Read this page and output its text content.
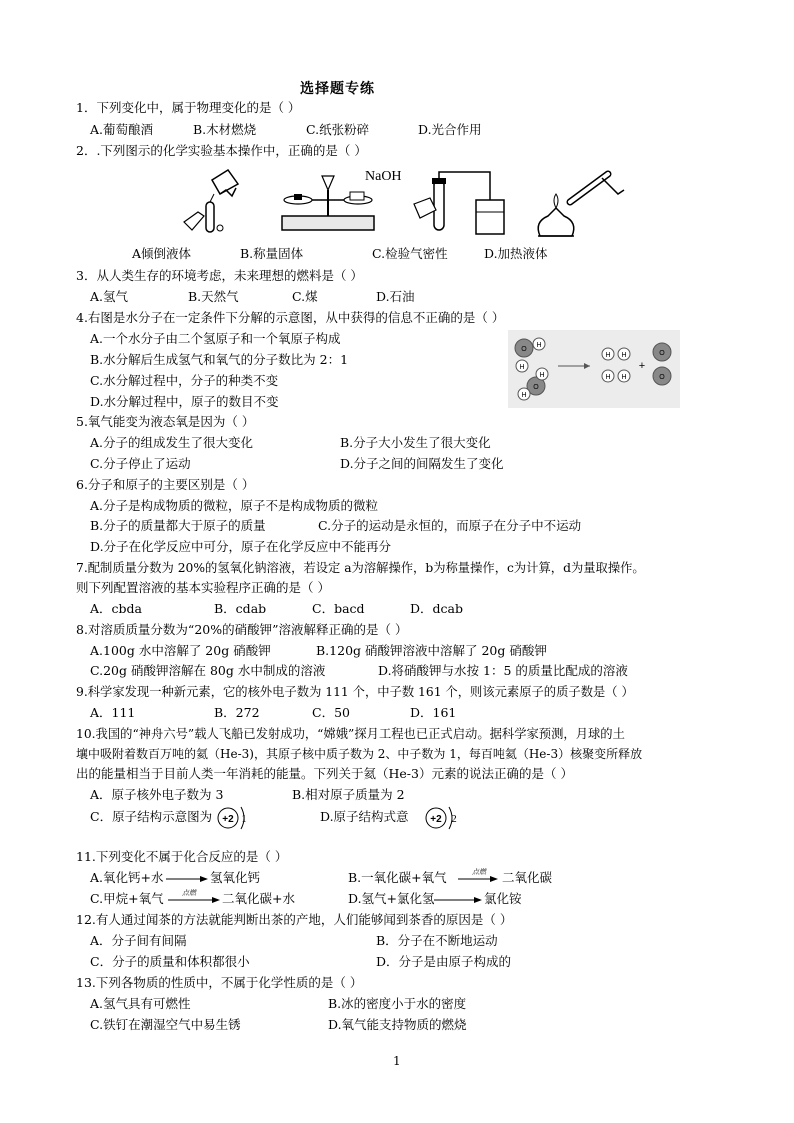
选择题专练
1．下列变化中，属于物理变化的是（ ）
A.葡萄酿酒	B.木材燃烧	C.纸张粉碎	D.光合作用
2．.下列图示的化学实验基本操作中，正确的是（ ）
NaOH
A倾倒液体	B.称量固体	C.检验气密性	D.加热液体
3．从人类生存的环境考虑，未来理想的燃料是（ ）
A.氢气	B.天然气	C.煤	D.石油
4.右图是水分子在一定条件下分解的示意图，从中获得的信息不正确的是（ ）
A.一个水分子由二个氢原子和一个氧原子构成
B.水分解后生成氢气和氧气的分子数比为 2：1
C.水分解过程中，分子的种类不变
D.水分解过程中，原子的数目不变
O
H
H
O
H
H
H H
H H
O
O
+
5.氧气能变为液态氧是因为（ ）
A.分子的组成发生了很大变化	B.分子大小发生了很大变化
C.分子停止了运动	D.分子之间的间隔发生了变化
6.分子和原子的主要区别是（ ）
A.分子是构成物质的微粒，原子不是构成物质的微粒
B.分子的质量都大于原子的质量	C.分子的运动是永恒的，而原子在分子中不运动
D.分子在化学反应中可分，原子在化学反应中不能再分
7.配制质量分数为 20%的氢氧化钠溶液，若设定 a为溶解操作，b为称量操作，c为计算，d为量取操作。
则下列配置溶液的基本实验程序正确的是（ ）
A．cbda	B．cdab	C．bacd	D．dcab
8.对溶质质量分数为“20%的硝酸钾”溶液解释正确的是（ ）
A.100g 水中溶解了 20g 硝酸钾	B.120g 硝酸钾溶液中溶解了 20g 硝酸钾
C.20g 硝酸钾溶解在 80g 水中制成的溶液	D.将硝酸钾与水按 1：5 的质量比配成的溶液
9.科学家发现一种新元素，它的核外电子数为 111 个，中子数 161 个，则该元素原子的质子数是（ ）
A．111	B．272	C．50	D．161
10.我国的“神舟六号”载人飞船已发射成功，“嫦娥”探月工程也已正式启动。据科学家预测，月球的土
壤中吸附着数百万吨的氦（He-3)，其原子核中质子数为 2、中子数为 1，每百吨氦（He-3）核聚变所释放
出的能量相当于目前人类一年消耗的能量。下列关于氦（He-3）元素的说法正确的是（ ）
A．原子核外电子数为 3	B.相对原子质量为 2
C．原子结构示意图为 +2 1	D.原子结构式意 +2 2
11.下列变化不属于化合反应的是（ ）
A.氧化钙+水 → 氢氧化钙	B.一氧化碳+氧气	点燃 → 二氧化碳
C.甲烷+氧气	点燃 → 二氧化碳+水	D.氢气+氯化氢 → 氯化铵
12.有人通过闻茶的方法就能判断出茶的产地，人们能够闻到茶香的原因是（ ）
A．分子间有间隔	B．分子在不断地运动
C．分子的质量和体积都很小	D．分子是由原子构成的
13.下列各物质的性质中，不属于化学性质的是（ ）
A.氢气具有可燃性	B.冰的密度小于水的密度
C.铁钉在潮湿空气中易生锈	D.氧气能支持物质的燃烧
1
